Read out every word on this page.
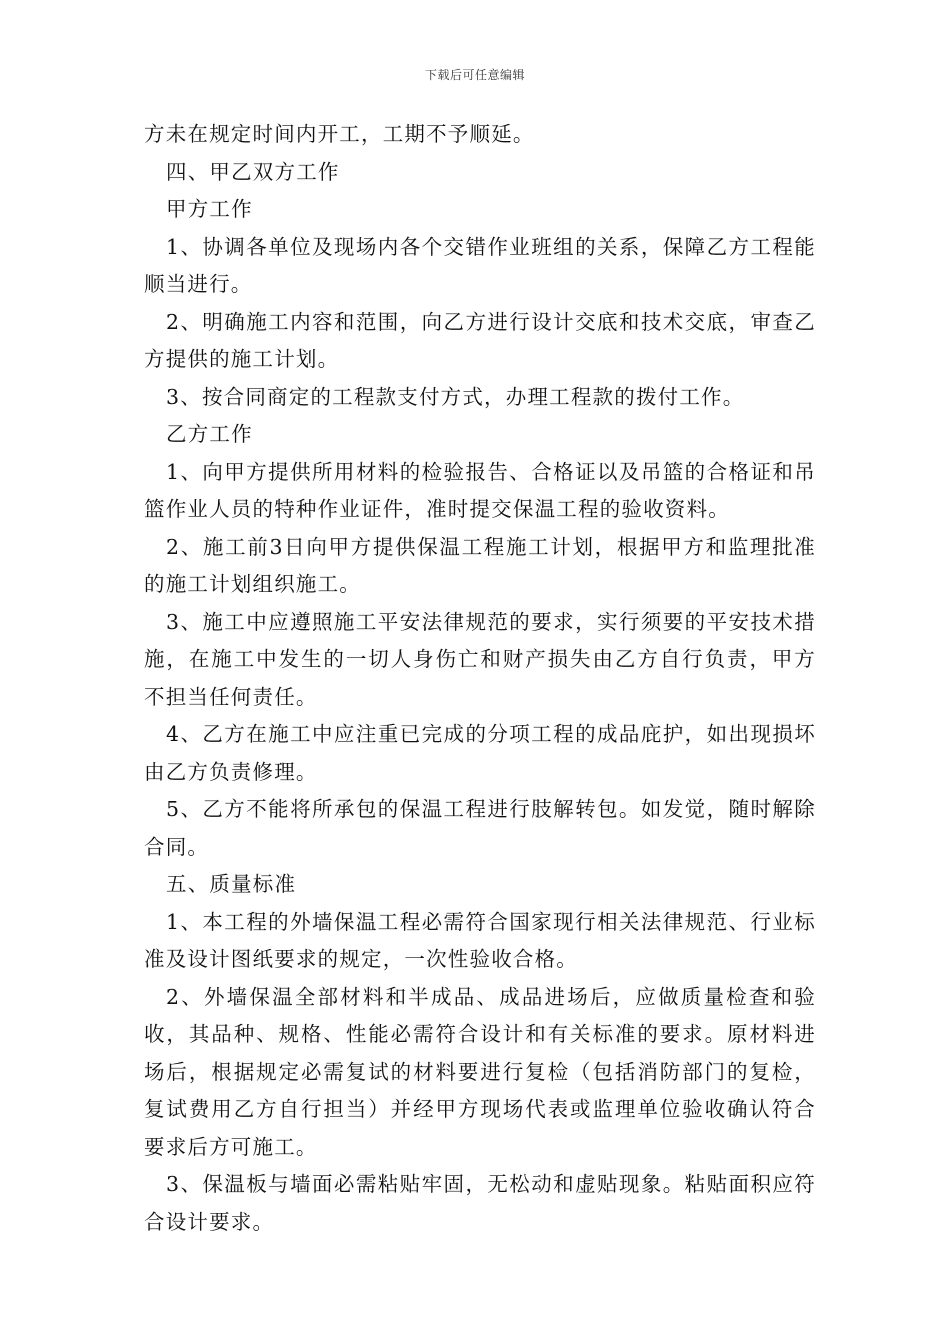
下载后可任意编辑

方未在规定时间内开工，工期不予顺延。

四、甲乙双方工作

甲方工作

1、协调各单位及现场内各个交错作业班组的关系，保障乙方工程能顺当进行。

2、明确施工内容和范围，向乙方进行设计交底和技术交底，审查乙方提供的施工计划。

3、按合同商定的工程款支付方式，办理工程款的拨付工作。

乙方工作

1、向甲方提供所用材料的检验报告、合格证以及吊篮的合格证和吊篮作业人员的特种作业证件，准时提交保温工程的验收资料。

2、施工前3日向甲方提供保温工程施工计划，根据甲方和监理批准的施工计划组织施工。

3、施工中应遵照施工平安法律规范的要求，实行须要的平安技术措施，在施工中发生的一切人身伤亡和财产损失由乙方自行负责，甲方不担当任何责任。

4、乙方在施工中应注重已完成的分项工程的成品庇护，如出现损坏由乙方负责修理。

5、乙方不能将所承包的保温工程进行肢解转包。如发觉，随时解除合同。

五、质量标准

1、本工程的外墙保温工程必需符合国家现行相关法律规范、行业标准及设计图纸要求的规定，一次性验收合格。

2、外墙保温全部材料和半成品、成品进场后，应做质量检查和验收，其品种、规格、性能必需符合设计和有关标准的要求。原材料进场后，根据规定必需复试的材料要进行复检（包括消防部门的复检，复试费用乙方自行担当）并经甲方现场代表或监理单位验收确认符合要求后方可施工。

3、保温板与墙面必需粘贴牢固，无松动和虚贴现象。粘贴面积应符合设计要求。
